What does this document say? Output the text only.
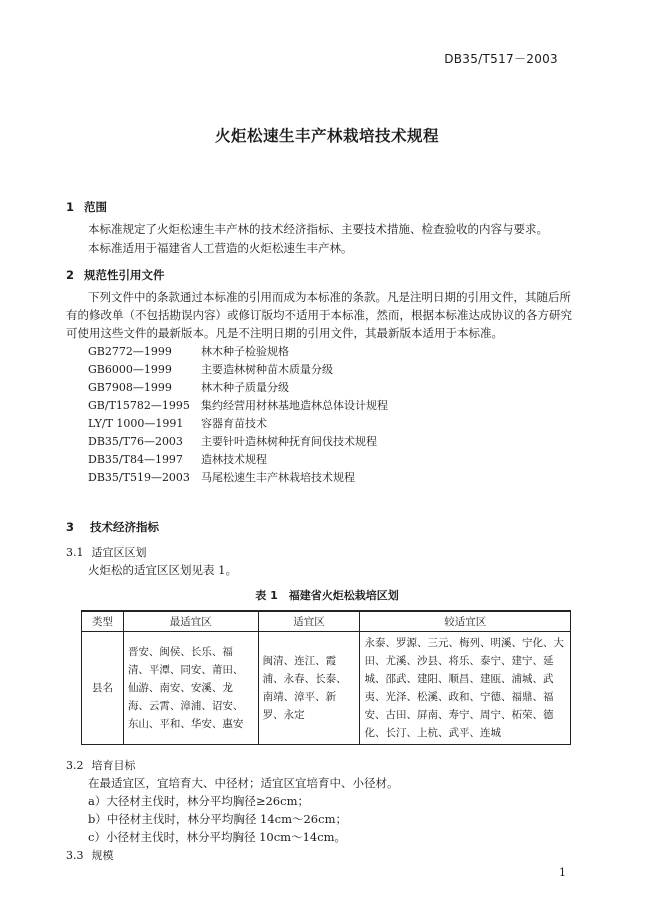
DB35/T517－2003
火炬松速生丰产林栽培技术规程
1 范围
本标准规定了火炬松速生丰产林的技术经济指标、主要技术措施、检查验收的内容与要求。
本标准适用于福建省人工营造的火炬松速生丰产林。
2 规范性引用文件
下列文件中的条款通过本标准的引用而成为本标准的条款。凡是注明日期的引用文件，其随后所有的修改单（不包括勘误内容）或修订版均不适用于本标准，然而，根据本标准达成协议的各方研究可使用这些文件的最新版本。凡是不注明日期的引用文件，其最新版本适用于本标准。
GB2772—1999	林木种子检验规格
GB6000—1999	主要造林树种苗木质量分级
GB7908—1999	林木种子质量分级
GB/T15782—1995	集约经营用材林基地造林总体设计规程
LY/T 1000—1991	容器育苗技术
DB35/T76—2003	主要针叶造林树种抚育间伐技术规程
DB35/T84—1997	造林技术规程
DB35/T519—2003	马尾松速生丰产林栽培技术规程
3 技术经济指标
3.1 适宜区区划
火炬松的适宜区区划见表 1。
表 1　福建省火炬松栽培区划
类型	最适宜区	适宜区	较适宜区
县名	晋安、闽侯、长乐、福清、平潭、同安、莆田、仙游、南安、安溪、龙海、云霄、漳浦、诏安、东山、平和、华安、惠安	闽清、连江、霞浦、永春、长泰、南靖、漳平、新罗、永定	永泰、罗源、三元、梅列、明溪、宁化、大田、尤溪、沙县、将乐、泰宁、建宁、延城、邵武、建阳、顺昌、建瓯、浦城、武夷、光泽、松溪、政和、宁德、福鼎、福安、古田、屏南、寿宁、周宁、柘荣、德化、长汀、上杭、武平、连城
3.2 培育目标
在最适宜区，宜培育大、中径材；适宜区宜培育中、小径材。
a）大径材主伐时，林分平均胸径≥26cm；
b）中径材主伐时，林分平均胸径 14cm～26cm；
c）小径材主伐时，林分平均胸径 10cm～14cm。
3.3 规模
1
